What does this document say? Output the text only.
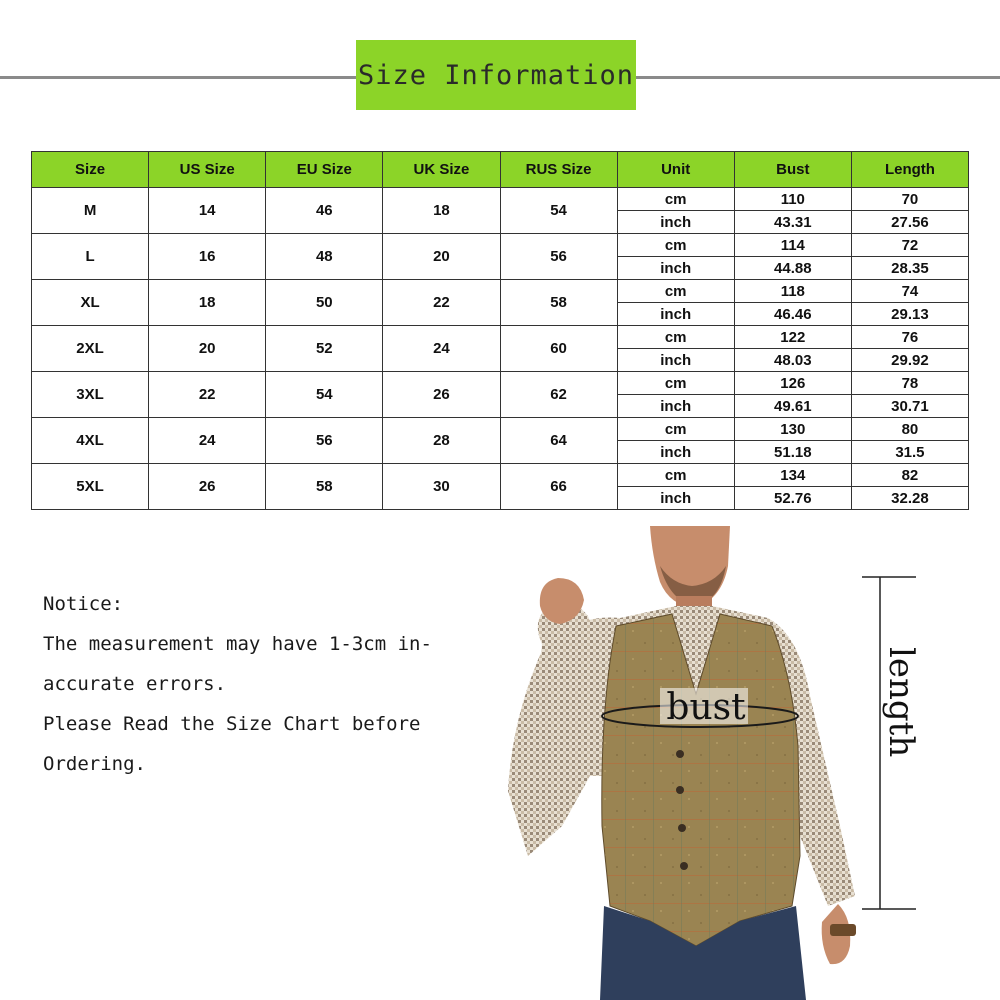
Size Information
Size	US Size	EU Size	UK Size	RUS Size	Unit	Bust	Length
M	14	46	18	54	cm	110	70
					inch	43.31	27.56
L	16	48	20	56	cm	114	72
					inch	44.88	28.35
XL	18	50	22	58	cm	118	74
					inch	46.46	29.13
2XL	20	52	24	60	cm	122	76
					inch	48.03	29.92
3XL	22	54	26	62	cm	126	78
					inch	49.61	30.71
4XL	24	56	28	64	cm	130	80
					inch	51.18	31.5
5XL	26	58	30	66	cm	134	82
					inch	52.76	32.28
Notice:
The measurement may have 1-3cm in-
accurate errors.
Please Read the Size Chart before
Ordering.
bust	length
